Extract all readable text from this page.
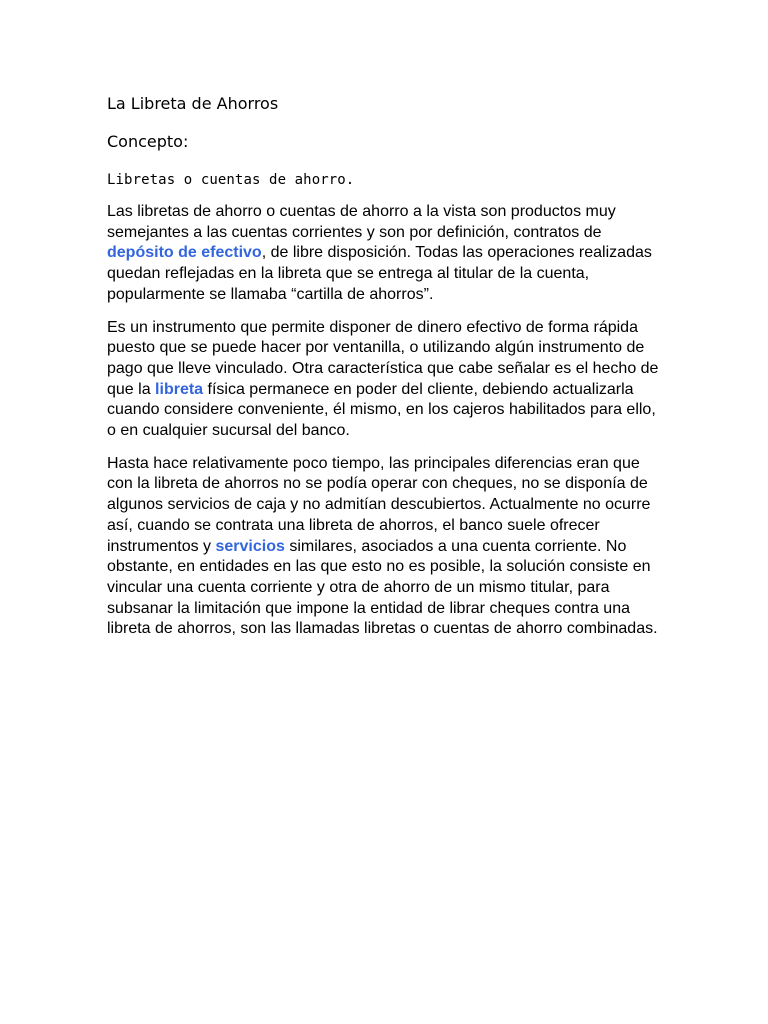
La Libreta de Ahorros
Concepto:
Libretas o cuentas de ahorro.

Las libretas de ahorro o cuentas de ahorro a la vista son productos muy semejantes a las cuentas corrientes y son por definición, contratos de depósito de efectivo, de libre disposición. Todas las operaciones realizadas quedan reflejadas en la libreta que se entrega al titular de la cuenta, popularmente se llamaba “cartilla de ahorros”.

Es un instrumento que permite disponer de dinero efectivo de forma rápida puesto que se puede hacer por ventanilla, o utilizando algún instrumento de pago que lleve vinculado. Otra característica que cabe señalar es el hecho de que la libreta física permanece en poder del cliente, debiendo actualizarla cuando considere conveniente, él mismo, en los cajeros habilitados para ello, o en cualquier sucursal del banco.

Hasta hace relativamente poco tiempo, las principales diferencias eran que con la libreta de ahorros no se podía operar con cheques, no se disponía de algunos servicios de caja y no admitían descubiertos. Actualmente no ocurre así, cuando se contrata una libreta de ahorros, el banco suele ofrecer instrumentos y servicios similares, asociados a una cuenta corriente. No obstante, en entidades en las que esto no es posible, la solución consiste en vincular una cuenta corriente y otra de ahorro de un mismo titular, para subsanar la limitación que impone la entidad de librar cheques contra una libreta de ahorros, son las llamadas libretas o cuentas de ahorro combinadas.
